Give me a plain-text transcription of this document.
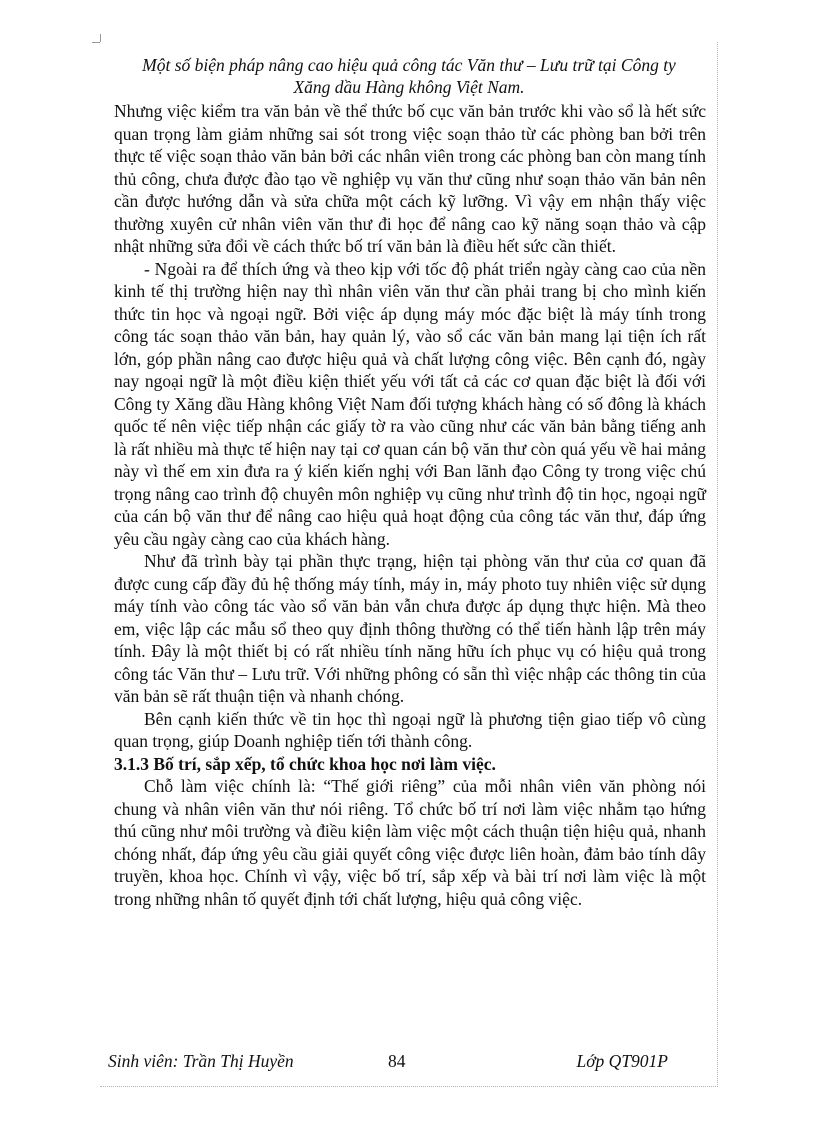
Một số biện pháp nâng cao hiệu quả công tác Văn thư – Lưu trữ tại Công ty
Xăng dầu Hàng không Việt Nam.

Nhưng việc kiểm tra văn bản về thể thức bố cục văn bản trước khi vào sổ là hết sức quan trọng làm giảm những sai sót trong việc soạn thảo từ các phòng ban bởi trên thực tế việc soạn thảo văn bản bởi các nhân viên trong các phòng ban còn mang tính thủ công, chưa được đào tạo về nghiệp vụ văn thư cũng như soạn thảo văn bản nên cần được hướng dẫn và sửa chữa một cách kỹ lưỡng. Vì vậy em nhận thấy việc thường xuyên cử nhân viên văn thư đi học để nâng cao kỹ năng soạn thảo và cập nhật những sửa đổi về cách thức bố trí văn bản là điều hết sức cần thiết.

- Ngoài ra để thích ứng và theo kịp với tốc độ phát triển ngày càng cao của nền kinh tế thị trường hiện nay thì nhân viên văn thư cần phải trang bị cho mình kiến thức tin học và ngoại ngữ. Bởi việc áp dụng máy móc đặc biệt là máy tính trong công tác soạn thảo văn bản, hay quản lý, vào sổ các văn bản mang lại tiện ích rất lớn, góp phần nâng cao được hiệu quả và chất lượng công việc. Bên cạnh đó, ngày nay ngoại ngữ là một điều kiện thiết yếu với tất cả các cơ quan đặc biệt là đối với Công ty Xăng dầu Hàng không Việt Nam đối tượng khách hàng có số đông là khách quốc tế nên việc tiếp nhận các giấy tờ ra vào cũng như các văn bản bằng tiếng anh là rất nhiều mà thực tế hiện nay tại cơ quan cán bộ văn thư còn quá yếu về hai mảng này vì thế em xin đưa ra ý kiến kiến nghị với Ban lãnh đạo Công ty trong việc chú trọng nâng cao trình độ chuyên môn nghiệp vụ cũng như trình độ tin học, ngoại ngữ của cán bộ văn thư để nâng cao hiệu quả hoạt động của công tác văn thư, đáp ứng yêu cầu ngày càng cao của khách hàng.

Như đã trình bày tại phần thực trạng, hiện tại phòng văn thư của cơ quan đã được cung cấp đầy đủ hệ thống máy tính, máy in, máy photo tuy nhiên việc sử dụng máy tính vào công tác vào sổ văn bản vẫn chưa được áp dụng thực hiện. Mà theo em, việc lập các mẫu sổ theo quy định thông thường có thể tiến hành lập trên máy tính. Đây là một thiết bị có rất nhiều tính năng hữu ích phục vụ có hiệu quả trong công tác Văn thư – Lưu trữ. Với những phông có sẵn thì việc nhập các thông tin của văn bản sẽ rất thuận tiện và nhanh chóng.

Bên cạnh kiến thức về tin học thì ngoại ngữ là phương tiện giao tiếp vô cùng quan trọng, giúp Doanh nghiệp tiến tới thành công.

3.1.3 Bố trí, sắp xếp, tổ chức khoa học nơi làm việc.

Chỗ làm việc chính là: “Thế giới riêng” của mỗi nhân viên văn phòng nói chung và nhân viên văn thư nói riêng. Tổ chức bố trí nơi làm việc nhằm tạo hứng thú cũng như môi trường và điều kiện làm việc một cách thuận tiện hiệu quả, nhanh chóng nhất, đáp ứng yêu cầu giải quyết công việc được liên hoàn, đảm bảo tính dây truyền, khoa học. Chính vì vậy, việc bố trí, sắp xếp và bài trí nơi làm việc là một trong những nhân tố quyết định tới chất lượng, hiệu quả công việc.

Sinh viên: Trần Thị Huyền	84	Lớp QT901P
